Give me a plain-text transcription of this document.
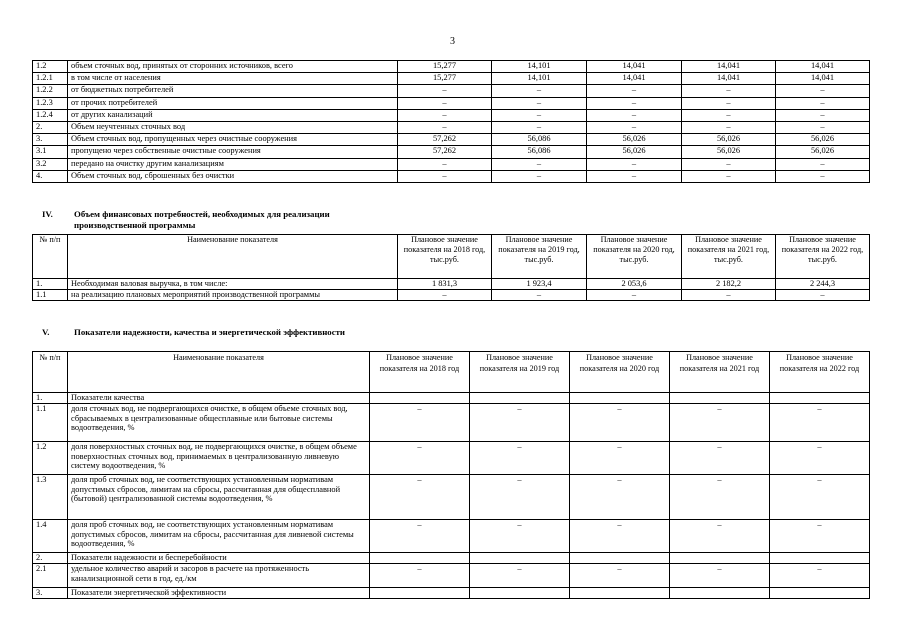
3
1.2	объем сточных вод, принятых от сторонних источников, всего	15,277	14,101	14,041	14,041	14,041
1.2.1	в том числе от населения	15,277	14,101	14,041	14,041	14,041
1.2.2	от бюджетных потребителей	–	–	–	–	–
1.2.3	от прочих потребителей	–	–	–	–	–
1.2.4	от других канализаций	–	–	–	–	–
2.	Объем неучтенных сточных вод	–	–	–	–	–
3.	Объем сточных вод, пропущенных через очистные сооружения	57,262	56,086	56,026	56,026	56,026
3.1	пропущено через собственные очистные сооружения	57,262	56,086	56,026	56,026	56,026
3.2	передано на очистку другим канализациям	–	–	–	–	–
4.	Объем сточных вод, сброшенных без очистки	–	–	–	–	–
IV. Объем финансовых потребностей, необходимых для реализации производственной программы
№ п/п	Наименование показателя	Плановое значение показателя на 2018 год, тыс.руб.	Плановое значение показателя на 2019 год, тыс.руб.	Плановое значение показателя на 2020 год, тыс.руб.	Плановое значение показателя на 2021 год, тыс.руб.	Плановое значение показателя на 2022 год, тыс.руб.
1.	Необходимая валовая выручка, в том числе:	1 831,3	1 923,4	2 053,6	2 182,2	2 244,3
1.1	на реализацию плановых мероприятий производственной программы	–	–	–	–	–
V.	Показатели надежности, качества и энергетической эффективности
№ п/п	Наименование показателя	Плановое значение показателя на 2018 год	Плановое значение показателя на 2019 год	Плановое значение показателя на 2020 год	Плановое значение показателя на 2021 год	Плановое значение показателя на 2022 год
1.	Показатели качества					
1.1	доля сточных вод, не подвергающихся очистке, в общем объеме сточных вод, сбрасываемых в централизованные общесплавные или бытовые системы водоотведения, %	–	–	–	–	–
1.2	доля поверхностных сточных вод, не подвергающихся очистке, в общем объеме поверхностных сточных вод, принимаемых в централизованную ливневую систему водоотведения, %	–	–	–	–	–
1.3	доля проб сточных вод, не соответствующих установленным нормативам допустимых сбросов, лимитам на сбросы, рассчитанная для общесплавной (бытовой) централизованной системы водоотведения, %	–	–	–	–	–
1.4	доля проб сточных вод, не соответствующих установленным нормативам допустимых сбросов, лимитам на сбросы, рассчитанная для ливневой системы водоотведения, %	–	–	–	–	–
2.	Показатели надежности и бесперебойности					
2.1	удельное количество аварий и засоров в расчете на протяженность канализационной сети в год, ед./км	–	–	–	–	–
3.	Показатели энергетической эффективности					
